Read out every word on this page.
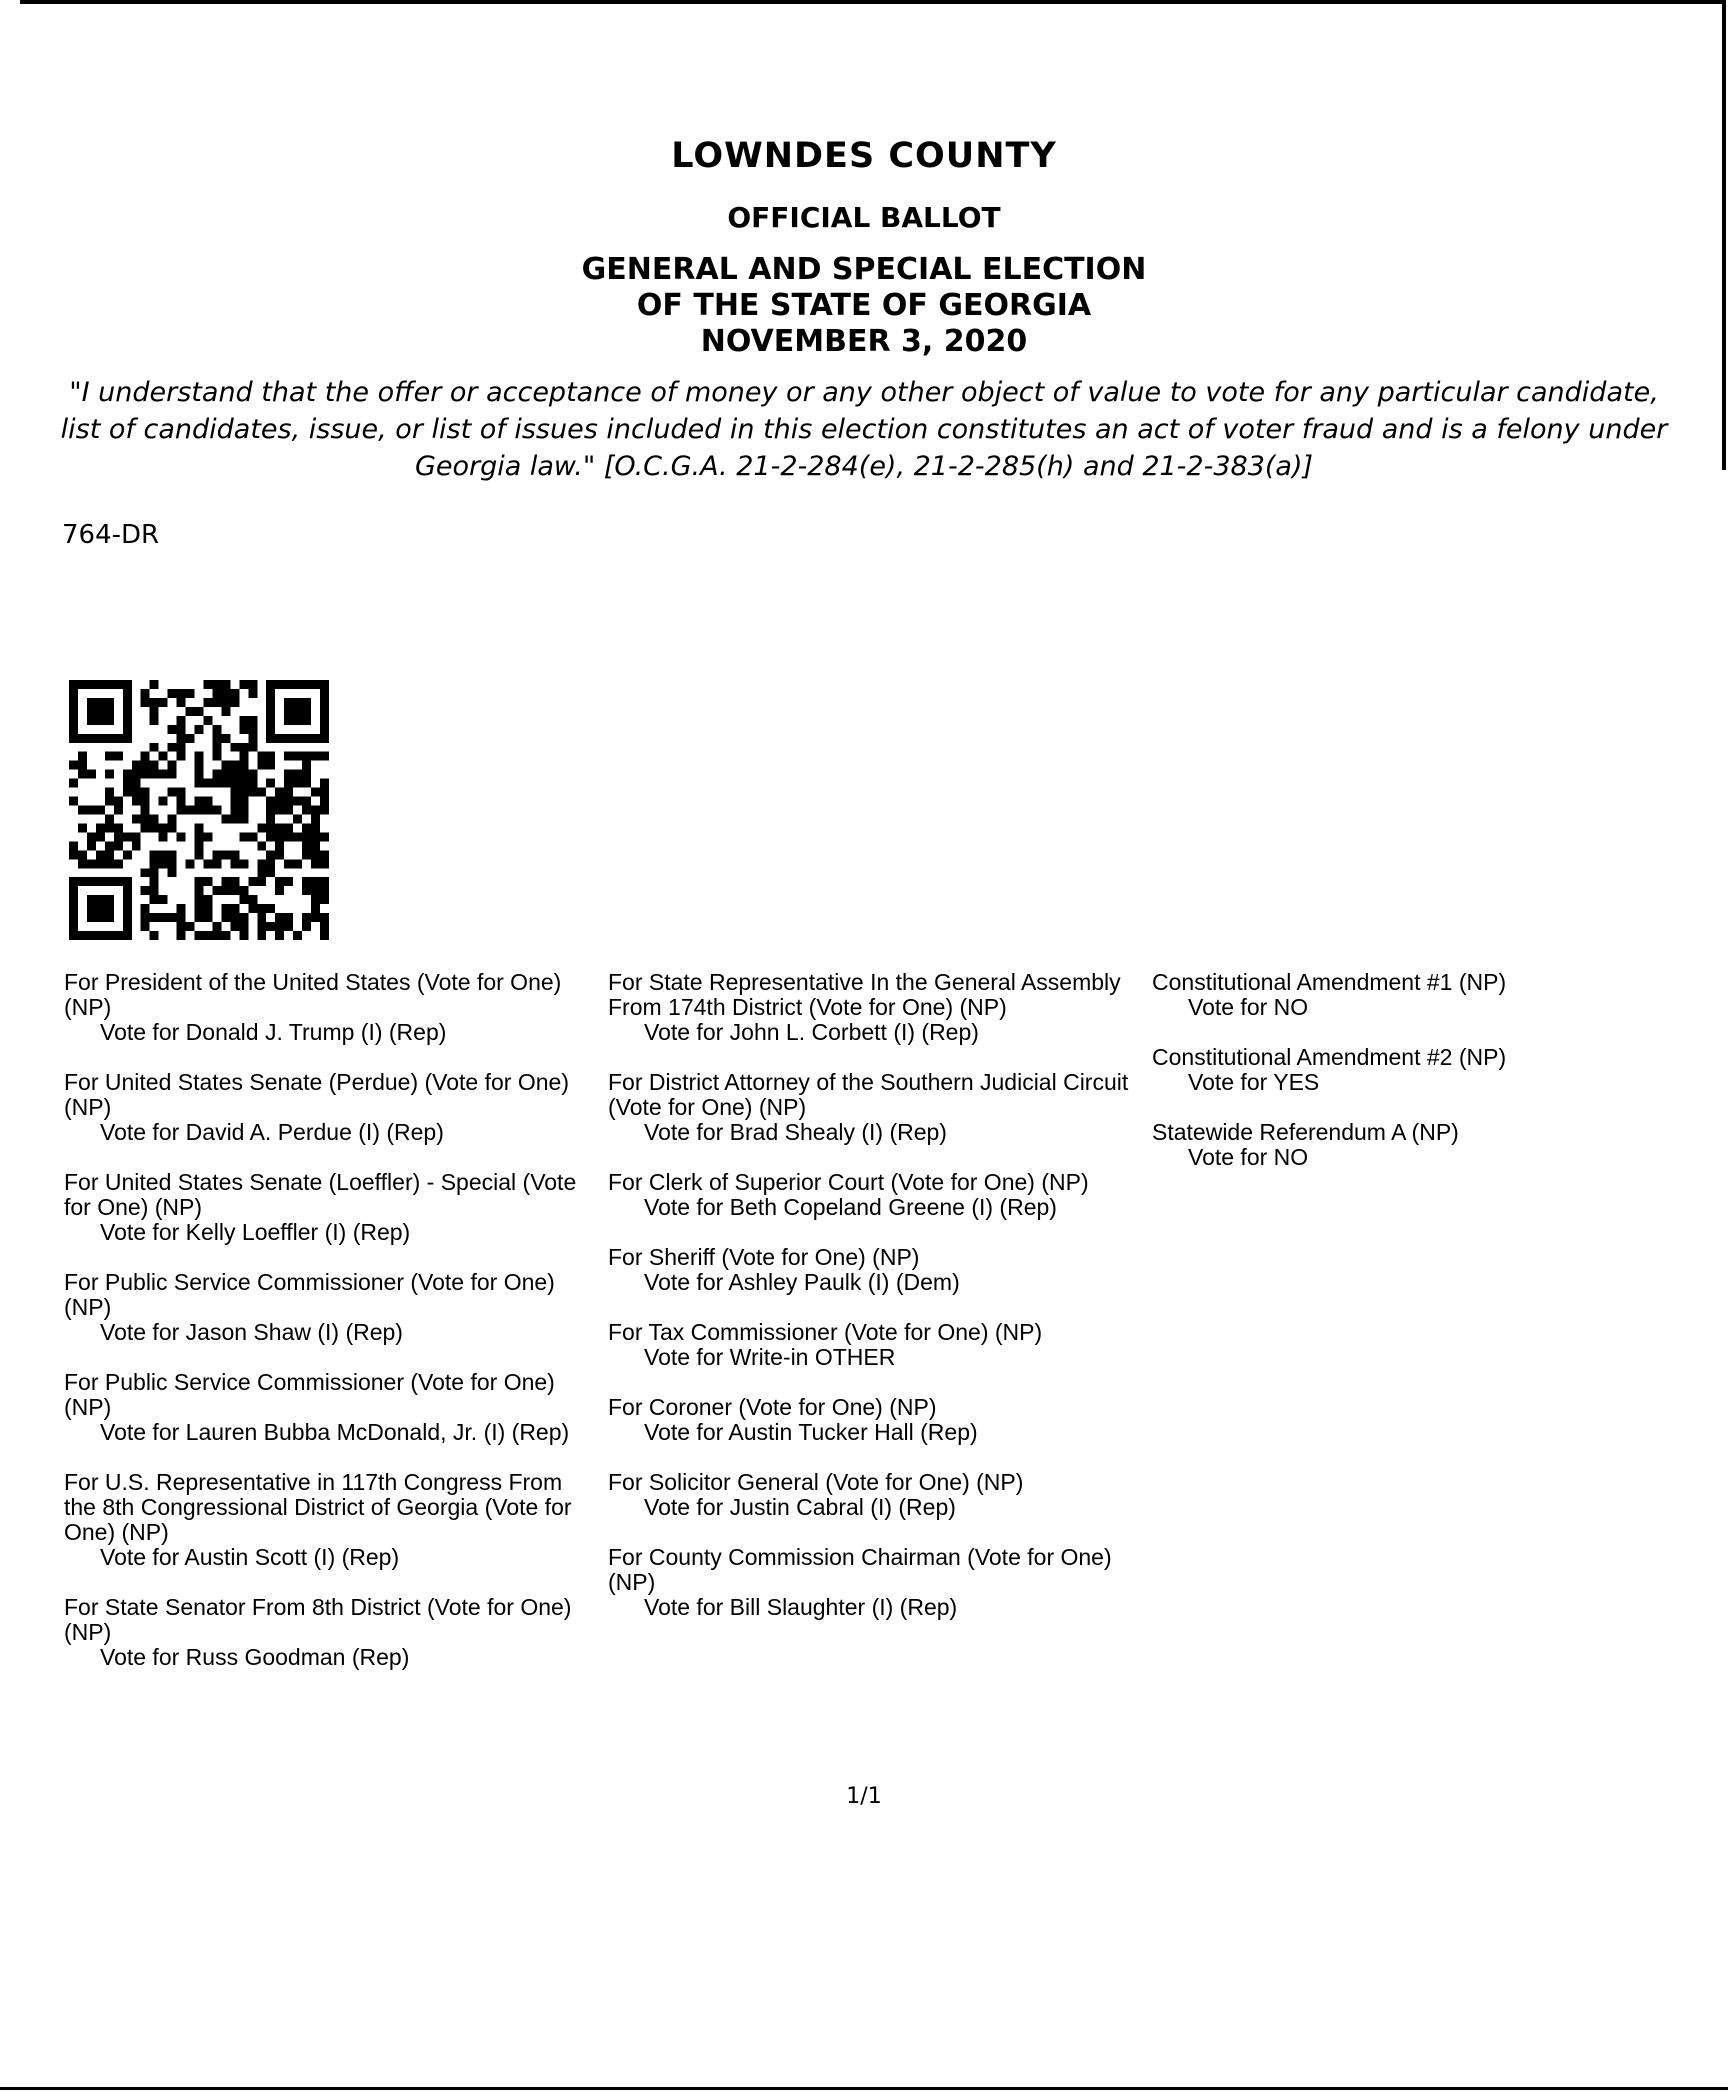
LOWNDES COUNTY
OFFICIAL BALLOT
GENERAL AND SPECIAL ELECTION
OF THE STATE OF GEORGIA
NOVEMBER 3, 2020
"I understand that the offer or acceptance of money or any other object of value to vote for any particular candidate, list of candidates, issue, or list of issues included in this election constitutes an act of voter fraud and is a felony under Georgia law." [O.C.G.A. 21-2-284(e), 21-2-285(h) and 21-2-383(a)]
764-DR
For President of the United States (Vote for One) (NP)
Vote for Donald J. Trump (I) (Rep)
For United States Senate (Perdue) (Vote for One) (NP)
Vote for David A. Perdue (I) (Rep)
For United States Senate (Loeffler) - Special (Vote for One) (NP)
Vote for Kelly Loeffler (I) (Rep)
For Public Service Commissioner (Vote for One) (NP)
Vote for Jason Shaw (I) (Rep)
For Public Service Commissioner (Vote for One) (NP)
Vote for Lauren Bubba McDonald, Jr. (I) (Rep)
For U.S. Representative in 117th Congress From the 8th Congressional District of Georgia (Vote for One) (NP)
Vote for Austin Scott (I) (Rep)
For State Senator From 8th District (Vote for One) (NP)
Vote for Russ Goodman (Rep)
For State Representative In the General Assembly From 174th District (Vote for One) (NP)
Vote for John L. Corbett (I) (Rep)
For District Attorney of the Southern Judicial Circuit (Vote for One) (NP)
Vote for Brad Shealy (I) (Rep)
For Clerk of Superior Court (Vote for One) (NP)
Vote for Beth Copeland Greene (I) (Rep)
For Sheriff (Vote for One) (NP)
Vote for Ashley Paulk (I) (Dem)
For Tax Commissioner (Vote for One) (NP)
Vote for Write-in OTHER
For Coroner (Vote for One) (NP)
Vote for Austin Tucker Hall (Rep)
For Solicitor General (Vote for One) (NP)
Vote for Justin Cabral (I) (Rep)
For County Commission Chairman (Vote for One) (NP)
Vote for Bill Slaughter (I) (Rep)
Constitutional Amendment #1 (NP)
Vote for NO
Constitutional Amendment #2 (NP)
Vote for YES
Statewide Referendum A (NP)
Vote for NO
1/1
